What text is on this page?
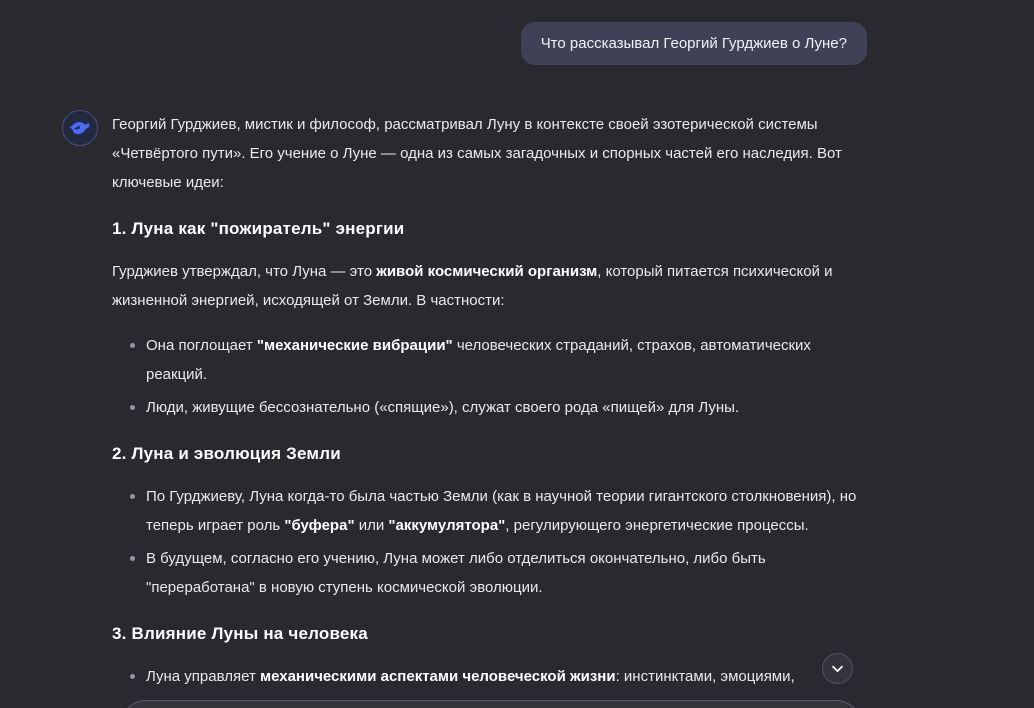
Что рассказывал Георгий Гурджиев о Луне?

Георгий Гурджиев, мистик и философ, рассматривал Луну в контексте своей эзотерической системы «Четвёртого пути». Его учение о Луне — одна из самых загадочных и спорных частей его наследия. Вот ключевые идеи:

1. Луна как "пожиратель" энергии

Гурджиев утверждал, что Луна — это живой космический организм, который питается психической и жизненной энергией, исходящей от Земли. В частности:

Она поглощает "механические вибрации" человеческих страданий, страхов, автоматических реакций.
Люди, живущие бессознательно («спящие»), служат своего рода «пищей» для Луны.
2. Луна и эволюция Земли
По Гурджиеву, Луна когда-то была частью Земли (как в научной теории гигантского столкновения), но теперь играет роль "буфера" или "аккумулятора", регулирующего энергетические процессы.
В будущем, согласно его учению, Луна может либо отделиться окончательно, либо быть "переработана" в новую ступень космической эволюции.
3. Влияние Луны на человека
Луна управляет механическими аспектами человеческой жизни: инстинктами, эмоциями,
